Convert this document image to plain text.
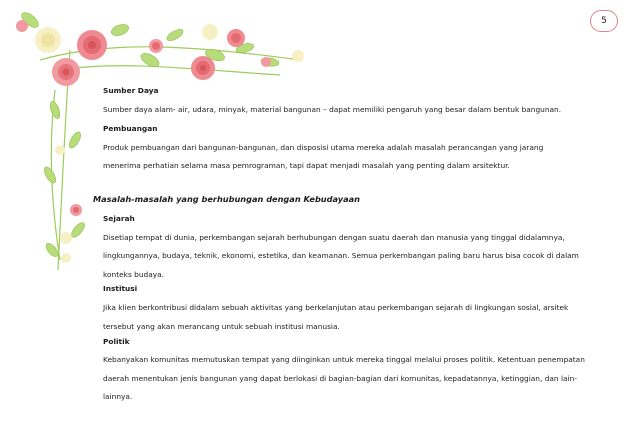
5
Sumber Daya
Sumber daya alam- air, udara, minyak, material bangunan – dapat memiliki pengaruh yang besar dalam bentuk bangunan.
Pembuangan
Produk pembuangan dari bangunan-bangunan, dan disposisi utama mereka adalah masalah perancangan yang jarang
menerima perhatian selama masa pemrograman, tapi dapat menjadi masalah yang penting dalam arsitektur.
Masalah-masalah yang berhubungan dengan Kebudayaan
Sejarah
Disetiap tempat di dunia, perkembangan sejarah berhubungan dengan suatu daerah dan manusia yang tinggal didalamnya,
lingkungannya, budaya, teknik, ekonomi, estetika, dan keamanan. Semua perkembangan paling baru harus bisa cocok di dalam
konteks budaya.
Institusi
Jika klien berkontribusi didalam sebuah aktivitas yang berkelanjutan atau perkembangan sejarah di lingkungan sosial, arsitek
tersebut yang akan merancang untuk sebuah institusi manusia.
Politik
Kebanyakan komunitas memutuskan tempat yang diinginkan untuk mereka tinggal melalui proses politik. Ketentuan penempatan
daerah menentukan jenis bangunan yang dapat berlokasi di bagian-bagian dari komunitas, kepadatannya, ketinggian, dan lain-
lainnya.
